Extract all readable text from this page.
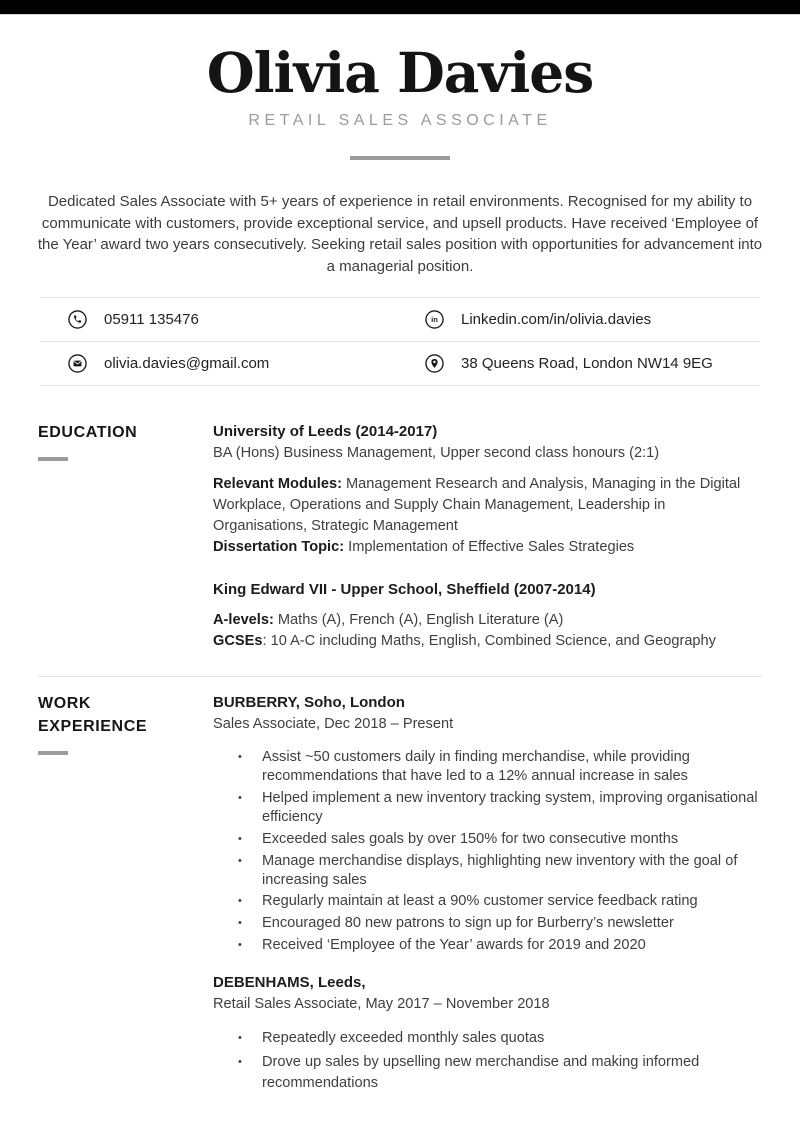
Olivia Davies
RETAIL SALES ASSOCIATE

Dedicated Sales Associate with 5+ years of experience in retail environments. Recognised for my ability to communicate with customers, provide exceptional service, and upsell products. Have received ‘Employee of the Year’ award two years consecutively. Seeking retail sales position with opportunities for advancement into a managerial position.

05911 135476	in Linkedin.com/in/olivia.davies
olivia.davies@gmail.com	38 Queens Road, London NW14 9EG
EDUCATION	University of Leeds (2014-2017)
BA (Hons) Business Management, Upper second class honours (2:1)
Relevant Modules: Management Research and Analysis, Managing in the Digital Workplace, Operations and Supply Chain Management, Leadership in Organisations, Strategic Management
Dissertation Topic: Implementation of Effective Sales Strategies
King Edward VII - Upper School, Sheffield (2007-2014)
A-levels: Maths (A), French (A), English Literature (A)
GCSEs: 10 A-C including Maths, English, Combined Science, and Geography
WORK EXPERIENCE
BURBERRY, Soho, London
Sales Associate, Dec 2018 – Present
• Assist ~50 customers daily in finding merchandise, while providing recommendations that have led to a 12% annual increase in sales
• Helped implement a new inventory tracking system, improving organisational efficiency
• Exceeded sales goals by over 150% for two consecutive months
• Manage merchandise displays, highlighting new inventory with the goal of increasing sales
• Regularly maintain at least a 90% customer service feedback rating
• Encouraged 80 new patrons to sign up for Burberry’s newsletter
• Received ‘Employee of the Year’ awards for 2019 and 2020
DEBENHAMS, Leeds,
Retail Sales Associate, May 2017 – November 2018
• Repeatedly exceeded monthly sales quotas
• Drove up sales by upselling new merchandise and making informed recommendations
